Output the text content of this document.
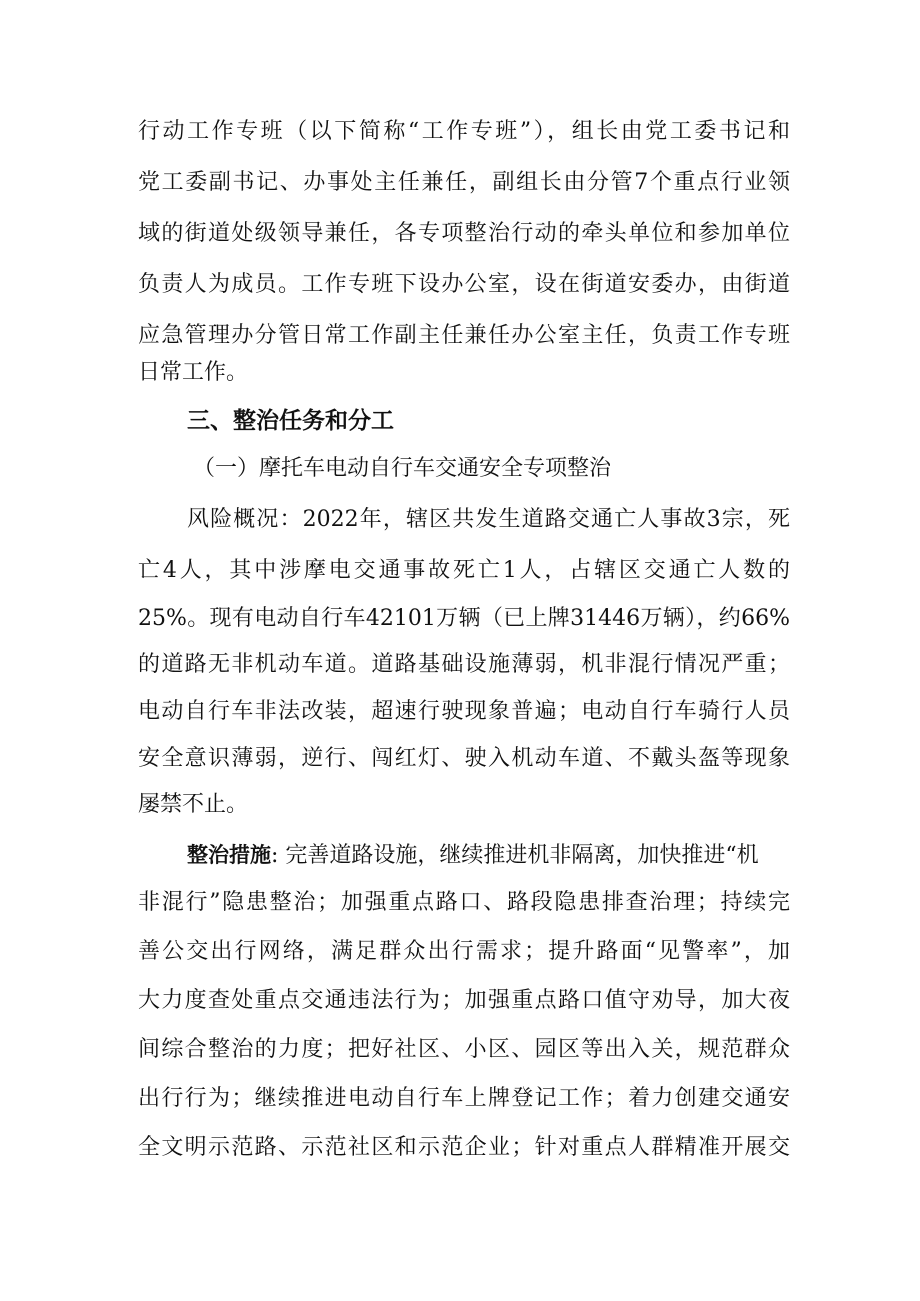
行动工作专班（以下简称“工作专班”），组长由党工委书记和
党工委副书记、办事处主任兼任，副组长由分管7个重点行业领
域的街道处级领导兼任，各专项整治行动的牵头单位和参加单位
负责人为成员。工作专班下设办公室，设在街道安委办，由街道
应急管理办分管日常工作副主任兼任办公室主任，负责工作专班
日常工作。
三、整治任务和分工
（一）摩托车电动自行车交通安全专项整治
风险概况：2022年，辖区共发生道路交通亡人事故3宗，死
亡4人，其中涉摩电交通事故死亡1人，占辖区交通亡人数的
25%。现有电动自行车42101万辆（已上牌31446万辆），约66%
的道路无非机动车道。道路基础设施薄弱，机非混行情况严重；
电动自行车非法改装，超速行驶现象普遍；电动自行车骑行人员
安全意识薄弱，逆行、闯红灯、驶入机动车道、不戴头盔等现象
屡禁不止。
整治措施: 完善道路设施，继续推进机非隔离，加快推进“机
非混行”隐患整治；加强重点路口、路段隐患排查治理；持续完
善公交出行网络，满足群众出行需求；提升路面“见警率”，加
大力度查处重点交通违法行为；加强重点路口值守劝导，加大夜
间综合整治的力度；把好社区、小区、园区等出入关，规范群众
出行行为；继续推进电动自行车上牌登记工作；着力创建交通安
全文明示范路、示范社区和示范企业；针对重点人群精准开展交
